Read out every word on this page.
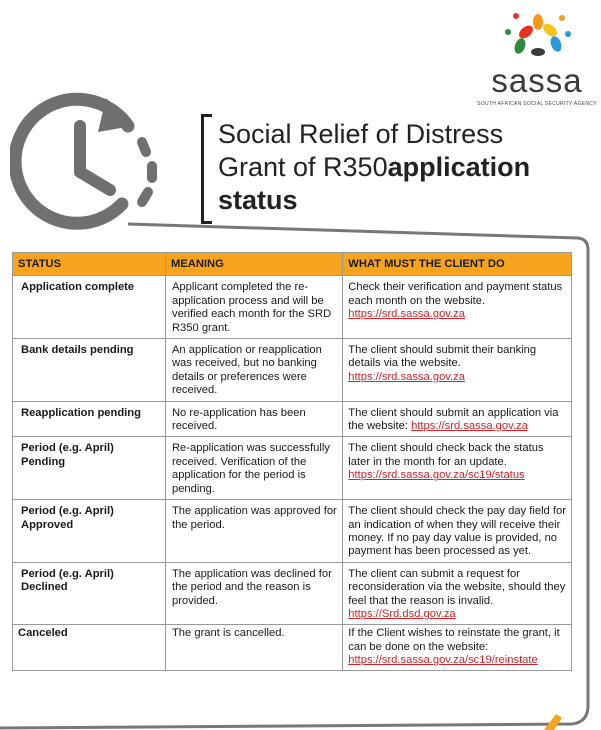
sassa
SOUTH AFRICAN SOCIAL SECURITY AGENCY
Social Relief of Distress Grant of R350application status
STATUS	MEANING	WHAT MUST THE CLIENT DO
Application complete	Applicant completed the re-application process and will be verified each month for the SRD R350 grant.	Check their verification and payment status each month on the website.
https://srd.sassa.gov.za
Bank details pending	An application or reapplication was received, but no banking details or preferences were received.	The client should submit their banking details via the website.
https://srd.sassa.gov.za
Reapplication pending	No re-application has been received.	The client should submit an application via the website: https://srd.sassa.gov.za
Period (e.g. April) Pending	Re-application was successfully received. Verification of the application for the period is pending.	The client should check back the status later in the month for an update.
https://srd.sassa.gov.za/sc19/status
Period (e.g. April) Approved	The application was approved for the period.	The client should check the pay day field for an indication of when they will receive their money. If no pay day value is provided, no payment has been processed as yet.
Period (e.g. April) Declined	The application was declined for the period and the reason is provided.	The client can submit a request for reconsideration via the website, should they feel that the reason is invalid.
https://Srd.dsd.gov.za
Canceled	The grant is cancelled.	If the Client wishes to reinstate the grant, it can be done on the website:
https://srd.sassa.gov.za/sc19/reinstate
